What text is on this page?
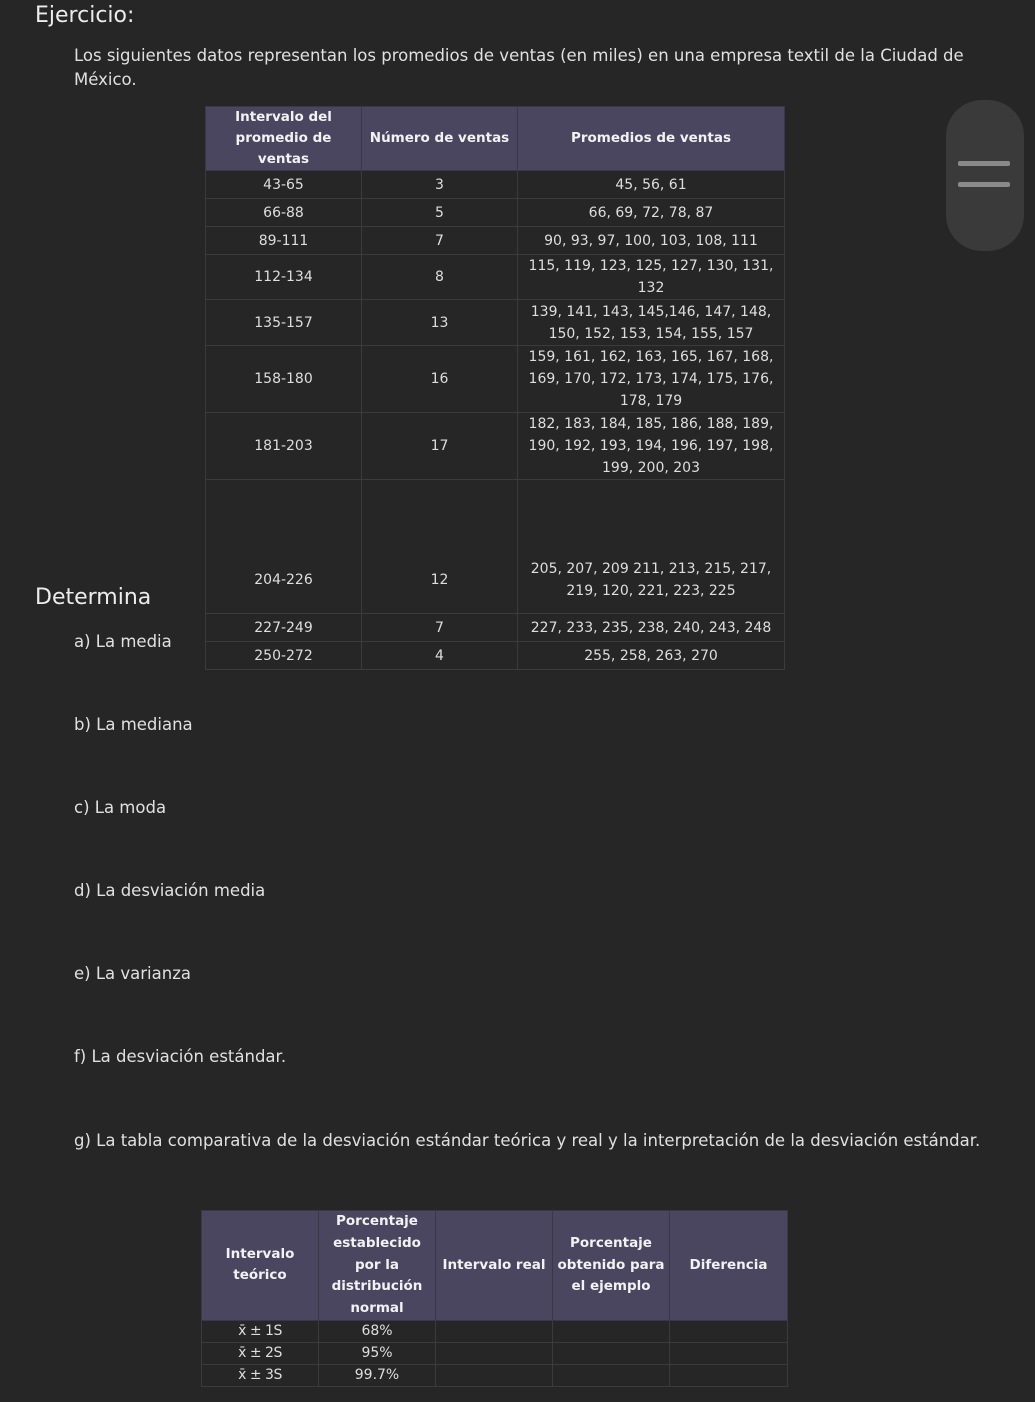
Ejercicio:

Los siguientes datos representan los promedios de ventas (en miles) en una empresa textil de la Ciudad de México.

Intervalo del promedio de ventas	Número de ventas	Promedios de ventas
43-65	3	45, 56, 61
66-88	5	66, 69, 72, 78, 87
89-111	7	90, 93, 97, 100, 103, 108, 111
112-134	8	115, 119, 123, 125, 127, 130, 131, 132
135-157	13	139, 141, 143, 145,146, 147, 148, 150, 152, 153, 154, 155, 157
158-180	16	159, 161, 162, 163, 165, 167, 168, 169, 170, 172, 173, 174, 175, 176, 178, 179
181-203	17	182, 183, 184, 185, 186, 188, 189, 190, 192, 193, 194, 196, 197, 198, 199, 200, 203
204-226	12	205, 207, 209 211, 213, 215, 217, 219, 120, 221, 223, 225
227-249	7	227, 233, 235, 238, 240, 243, 248
250-272	4	255, 258, 263, 270
Determina

a) La media

b) La mediana

c) La moda

d) La desviación media

e) La varianza

f) La desviación estándar.

g) La tabla comparativa de la desviación estándar teórica y real y la interpretación de la desviación estándar.

Intervalo teórico	Porcentaje establecido por la distribución normal	Intervalo real	Porcentaje obtenido para el ejemplo	Diferencia
x̄ ± 1S	68%			
x̄ ± 2S	95%			
x̄ ± 3S	99.7%			
